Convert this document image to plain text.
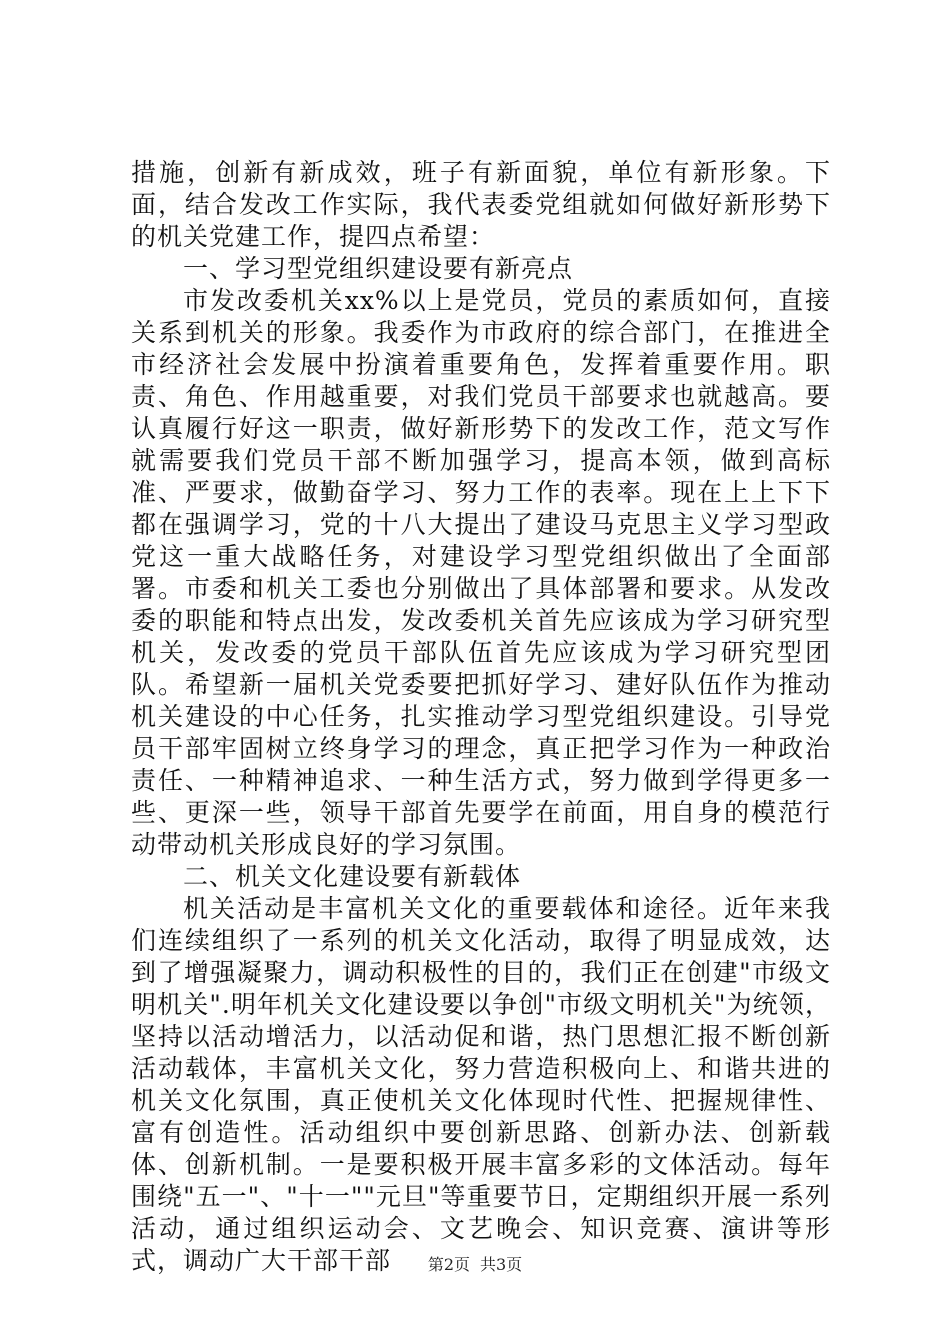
措施，创新有新成效，班子有新面貌，单位有新形象。下面，结合发改工作实际，我代表委党组就如何做好新形势下的机关党建工作，提四点希望：

一、学习型党组织建设要有新亮点

市发改委机关xx%以上是党员，党员的素质如何，直接关系到机关的形象。我委作为市政府的综合部门，在推进全市经济社会发展中扮演着重要角色，发挥着重要作用。职责、角色、作用越重要，对我们党员干部要求也就越高。要认真履行好这一职责，做好新形势下的发改工作，范文写作就需要我们党员干部不断加强学习，提高本领，做到高标准、严要求，做勤奋学习、努力工作的表率。现在上上下下都在强调学习，党的十八大提出了建设马克思主义学习型政党这一重大战略任务，对建设学习型党组织做出了全面部署。市委和机关工委也分别做出了具体部署和要求。从发改委的职能和特点出发，发改委机关首先应该成为学习研究型机关，发改委的党员干部队伍首先应该成为学习研究型团队。希望新一届机关党委要把抓好学习、建好队伍作为推动机关建设的中心任务，扎实推动学习型党组织建设。引导党员干部牢固树立终身学习的理念，真正把学习作为一种政治责任、一种精神追求、一种生活方式，努力做到学得更多一些、更深一些，领导干部首先要学在前面，用自身的模范行动带动机关形成良好的学习氛围。

二、机关文化建设要有新载体

机关活动是丰富机关文化的重要载体和途径。近年来我们连续组织了一系列的机关文化活动，取得了明显成效，达到了增强凝聚力，调动积极性的目的，我们正在创建"市级文明机关".明年机关文化建设要以争创"市级文明机关"为统领，坚持以活动增活力，以活动促和谐，热门思想汇报不断创新活动载体，丰富机关文化，努力营造积极向上、和谐共进的机关文化氛围，真正使机关文化体现时代性、把握规律性、富有创造性。活动组织中要创新思路、创新办法、创新载体、创新机制。一是要积极开展丰富多彩的文体活动。每年围绕"五一"、"十一""元旦"等重要节日，定期组织开展一系列活动，通过组织运动会、文艺晚会、知识竞赛、演讲等形式，调动广大干部干部	第2页 共3页
